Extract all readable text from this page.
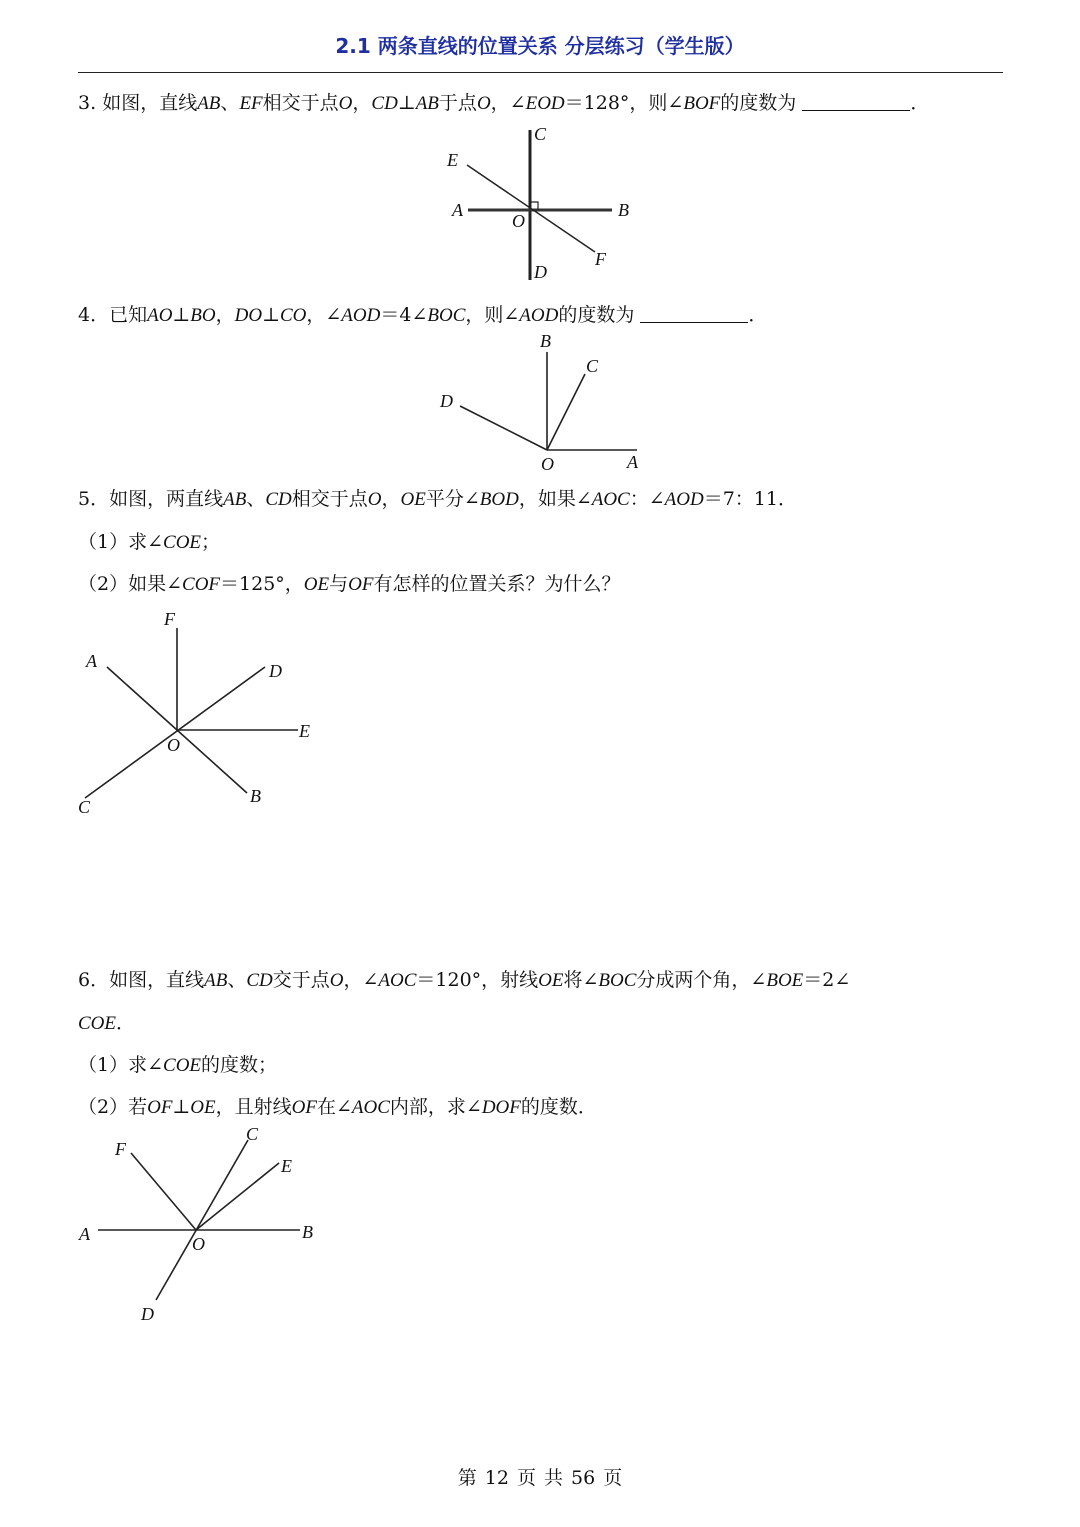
2.1 两条直线的位置关系 分层练习（学生版）
3. 如图，直线AB、EF相交于点O，CD⊥AB于点O，∠EOD＝128°，则∠BOF的度数为	．
C
E
A
O
B
D
F
4．已知AO⊥BO，DO⊥CO，∠AOD＝4∠BOC，则∠AOD的度数为	．
B
C
D
O	A
5．如图，两直线AB、CD相交于点O，OE平分∠BOD，如果∠AOC：∠AOD＝7：11．
（1）求∠COE；
（2）如果∠COF＝125°，OE与OF有怎样的位置关系？为什么？
F
A	D
E
O
C
B
6．如图，直线AB、CD交于点O，∠AOC＝120°，射线OE将∠BOC分成两个角，∠BOE＝2∠
COE．
（1）求∠COE的度数；
（2）若OF⊥OE，且射线OF在∠AOC内部，求∠DOF的度数．
F
C
E
A	O
B
D
第 12 页 共 56 页
